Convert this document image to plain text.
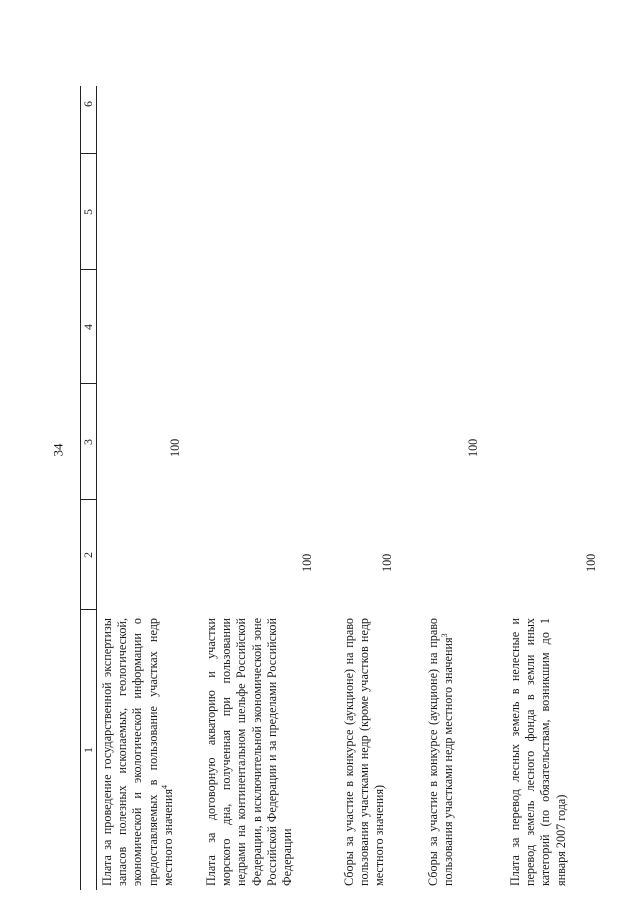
34
1
2
3
4
5
6
Плата за проведение государственной экспертизы запасов полезных ископаемых, геологической, экономической и экологической информации о предоставляемых в пользование участках недр местного значения$^4$
100
Плата за договорную акваторию и участки морского дна, полученная при пользовании недрами на континентальном шельфе Российской Федерации, в исключительной экономической зоне Российской Федерации и за пределами Российской Федерации
100
Сборы за участие в конкурсе (аукционе) на право пользования участками недр (кроме участков недр местного значения)
100
Сборы за участие в конкурсе (аукционе) на право пользования участками недр местного значения$^3$
100
Плата за перевод лесных земель в нелесные и перевод земель лесного фонда в земли иных категорий (по обязательствам, возникшим до 1 января 2007 года)
100
